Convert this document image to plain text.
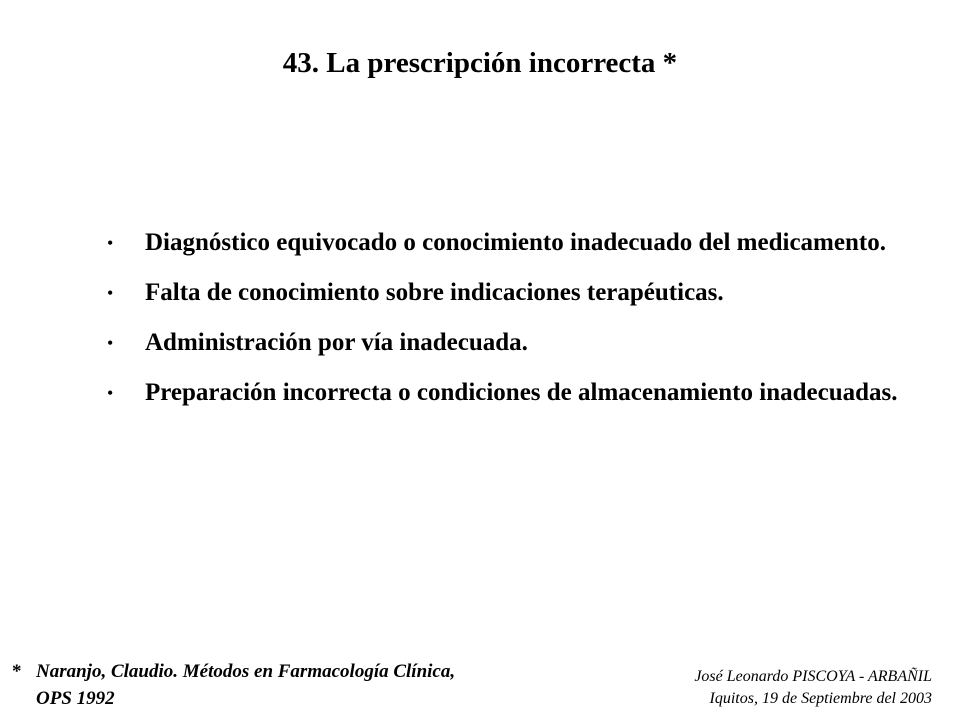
43. La prescripción incorrecta *
• Diagnóstico equivocado o conocimiento inadecuado del medicamento.
• Falta de conocimiento sobre indicaciones terapéuticas.
• Administración por vía inadecuada.
• Preparación incorrecta o condiciones de almacenamiento inadecuadas.
* Naranjo, Claudio. Métodos en Farmacología Clínica, OPS 1992
José Leonardo PISCOYA - ARBAÑIL
Iquitos, 19 de Septiembre del 2003
